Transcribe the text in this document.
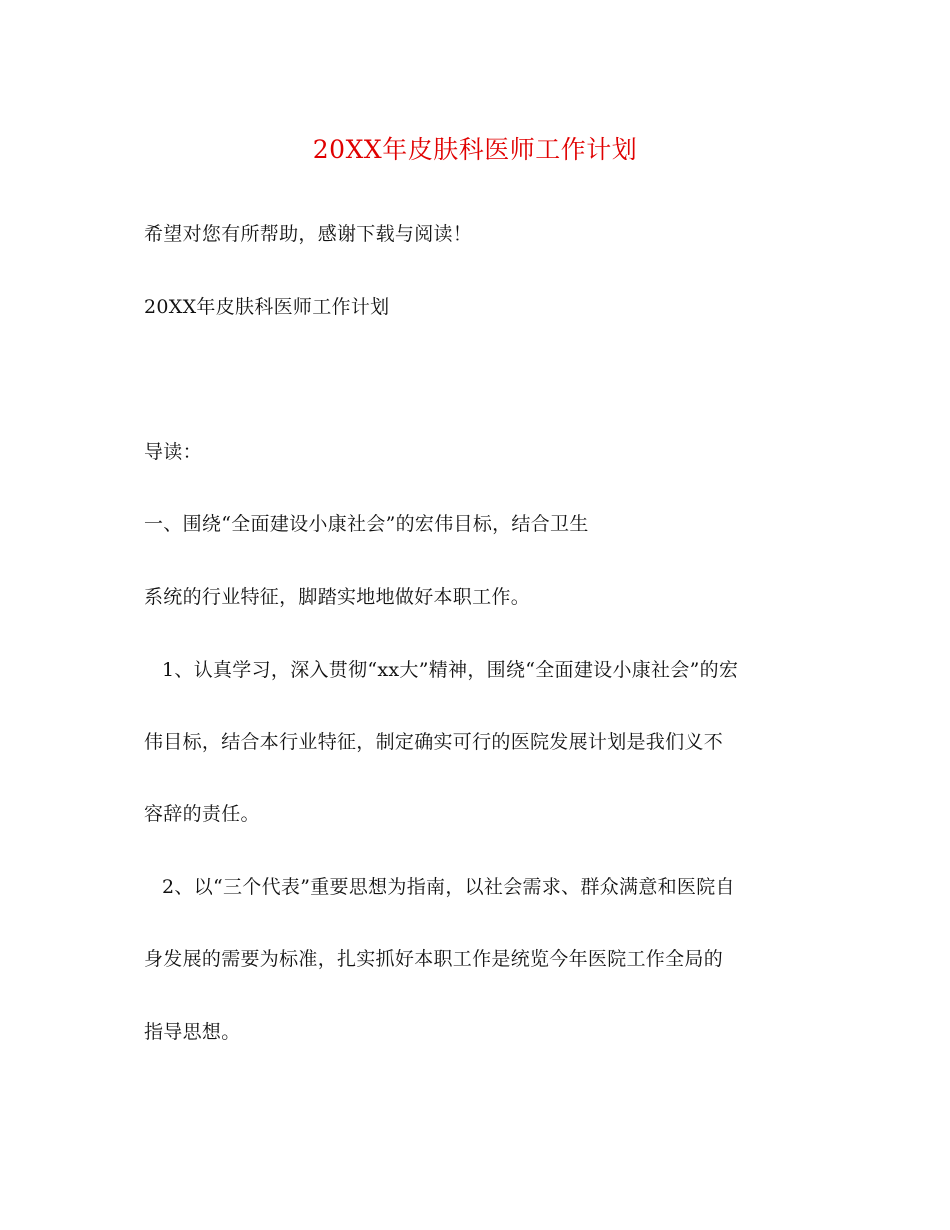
20XX年皮肤科医师工作计划
希望对您有所帮助，感谢下载与阅读！
20XX年皮肤科医师工作计划
导读：
一、围绕“全面建设小康社会”的宏伟目标，结合卫生
系统的行业特征，脚踏实地地做好本职工作。
1、认真学习，深入贯彻“xx大”精神，围绕“全面建设小康社会”的宏
伟目标，结合本行业特征，制定确实可行的医院发展计划是我们义不
容辞的责任。
2、以“三个代表”重要思想为指南，以社会需求、群众满意和医院自
身发展的需要为标准，扎实抓好本职工作是统览今年医院工作全局的
指导思想。
